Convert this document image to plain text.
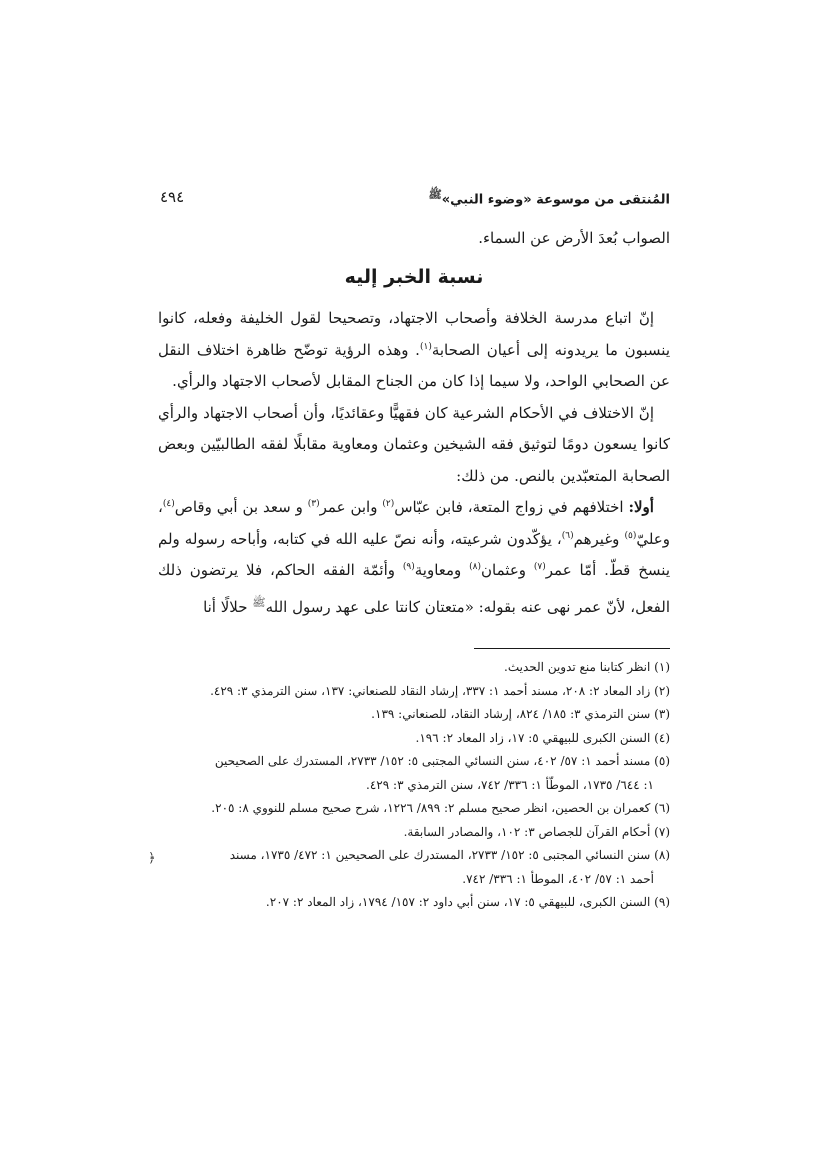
المُنتقى من موسوعة «وضوء النبي»$^ﷺ$
٤٩٤

الصواب بُعدَ الأرض عن السماء.

نسبة الخبر إليه

إنّ اتباع مدرسة الخلافة وأصحاب الاجتهاد، وتصحيحا لقول الخليفة وفعله، كانوا ينسبون ما يريدونه إلى أعيان الصحابة$^{(١)}$. وهذه الرؤية توضّح ظاهرة اختلاف النقل عن الصحابي الواحد، ولا سيما إذا كان من الجناح المقابل لأصحاب الاجتهاد والرأي.

إنّ الاختلاف في الأحكام الشرعية كان فقهيًّا وعقائديًا، وأن أصحاب الاجتهاد والرأي كانوا يسعون دومًا لتوثيق فقه الشيخين وعثمان ومعاوية مقابلًا لفقه الطالبيّين وبعض الصحابة المتعبّدين بالنص. من ذلك:

أولا: اختلافهم في زواج المتعة، فابن عبّاس$^{(٢)}$ وابن عمر$^{(٣)}$ و سعد بن أبي وقاص$^{(٤)}$، وعليّ$^{(٥)}$ وغيرهم$^{(٦)}$، يؤكّدون شرعيته، وأنه نصّ عليه الله في كتابه، وأباحه رسوله ولم ينسخ قطّ. أمّا عمر$^{(٧)}$ وعثمان$^{(٨)}$ ومعاوية$^{(٩)}$ وأئمّة الفقه الحاكم، فلا يرتضون ذلك الفعل، لأنّ عمر نهى عنه بقوله: «متعتان كانتا على عهد رسول الله$^ﷺ$ حلالًا أنا

(١) انظر كتابنا منع تدوين الحديث.
(٢) زاد المعاد ٢: ٢٠٨، مسند أحمد ١: ٣٣٧، إرشاد النقاد للصنعاني: ١٣٧، سنن الترمذي ٣: ٤٢٩.
(٣) سنن الترمذي ٣: ١٨٥/ ٨٢٤، إرشاد النقاد، للصنعاني: ١٣٩.
(٤) السنن الكبرى للبيهقي ٥: ١٧، زاد المعاد ٢: ١٩٦.
(٥) مسند أحمد ١: ٥٧/ ٤٠٢، سنن النسائي المجتبى ٥: ١٥٢/ ٢٧٣٣، المستدرك على الصحيحين
١: ٦٤٤/ ١٧٣٥، الموطّأ ١: ٣٣٦/ ٧٤٢، سنن الترمذي ٣: ٤٢٩.
(٦) كعمران بن الحصين، انظر صحيح مسلم ٢: ٨٩٩/ ١٢٢٦، شرح صحيح مسلم للنووي ٨: ٢٠٥.
(٧) أحكام القرآن للجصاص ٣: ١٠٢، والمصادر السابقة.
(٨) سنن النسائي المجتبى ٥: ١٥٢/ ٢٧٣٣، المستدرك على الصحيحين ١: ٤٧٢/ ١٧٣٥، مسند
أحمد ١: ٥٧/ ٤٠٢، الموطأ ١: ٣٣٦/ ٧٤٢.
(٩) السنن الكبرى، للبيهقي ٥: ١٧، سنن أبي داود ٢: ١٥٧/ ١٧٩٤، زاد المعاد ٢: ٢٠٧.
﴿
